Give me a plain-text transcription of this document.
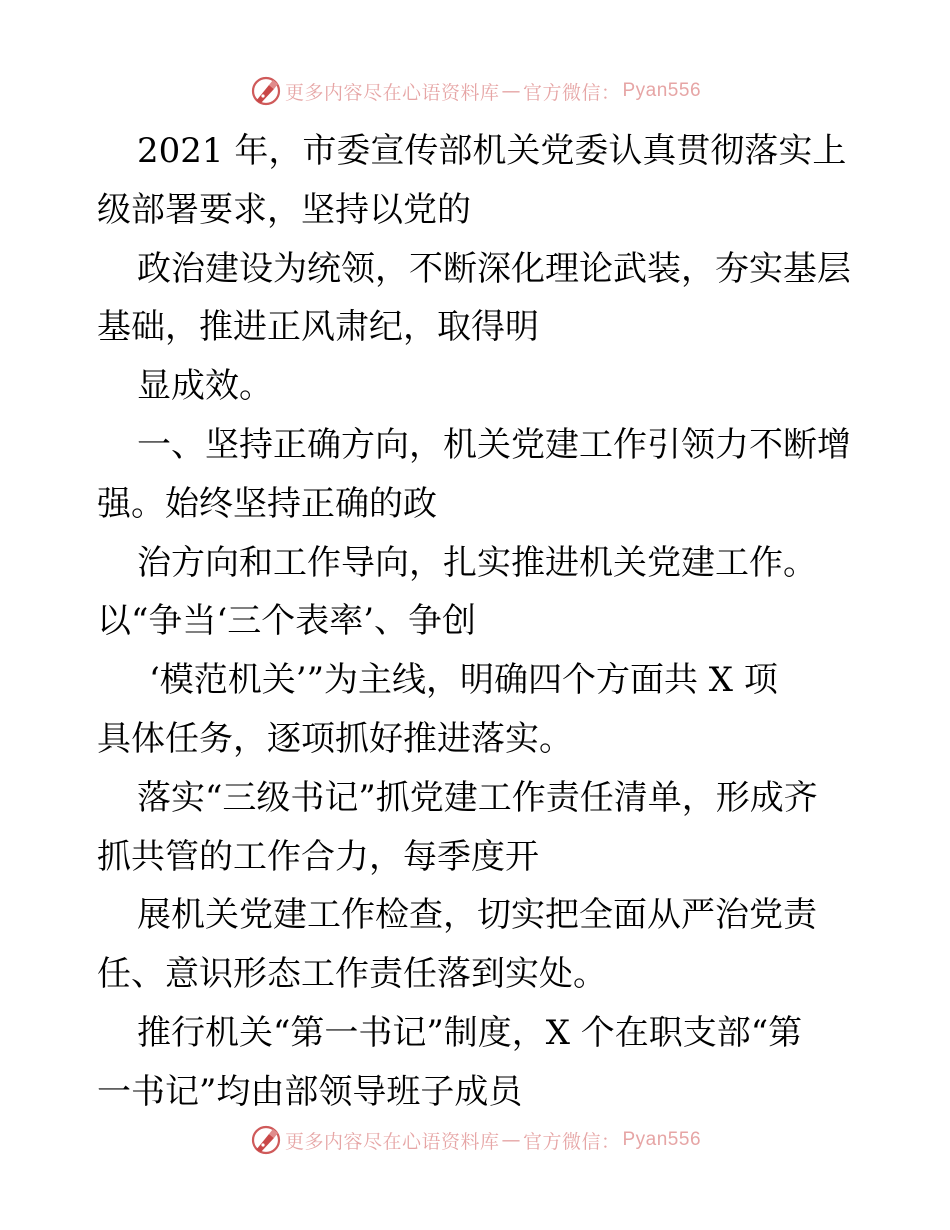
更多内容尽在心语资料库 — 官方微信： Pyan556
2021 年，市委宣传部机关党委认真贯彻落实上
级部署要求，坚持以党的
政治建设为统领，不断深化理论武装，夯实基层
基础，推进正风肃纪，取得明
显成效。
一、坚持正确方向，机关党建工作引领力不断增
强。始终坚持正确的政
治方向和工作导向，扎实推进机关党建工作。
以“争当‘三个表率’、争创
‘模范机关’”为主线，明确四个方面共 X 项
具体任务，逐项抓好推进落实。
落实“三级书记”抓党建工作责任清单，形成齐
抓共管的工作合力，每季度开
展机关党建工作检查，切实把全面从严治党责
任、意识形态工作责任落到实处。
推行机关“第一书记”制度，X 个在职支部“第
一书记”均由部领导班子成员
更多内容尽在心语资料库 — 官方微信： Pyan556
